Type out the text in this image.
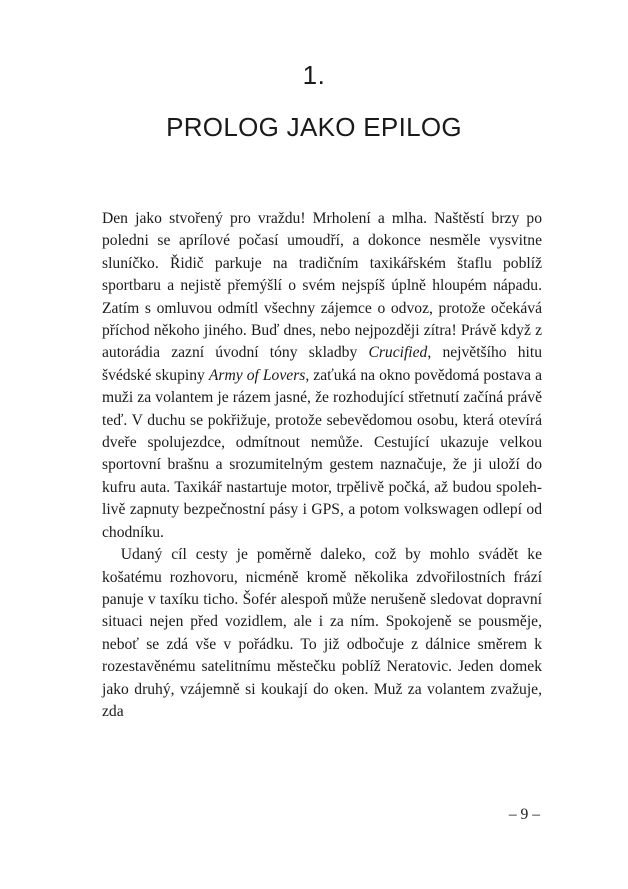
1.
PROLOG JAKO EPILOG

Den jako stvořený pro vraždu! Mrholení a mlha. Naštěstí brzy po poledni se aprílové počasí umoudří, a dokonce nesměle vysvitne sluníčko. Řidič parkuje na tradičním taxikářském štaflu poblíž sportbaru a nejistě přemýšlí o svém nejspíš úplně hloupém nápadu. Zatím s omluvou odmítl všechny zájemce o odvoz, protože očekává příchod někoho jiného. Buď dnes, nebo nejpozději zítra! Právě když z autorádia zazní úvodní tóny skladby Crucified, největšího hitu švédské skupiny Army of Lovers, zaťuká na okno povědomá postava a muži za volantem je rázem jasné, že rozhodující střetnutí začíná právě teď. V duchu se pokřižuje, protože sebevědomou osobu, která otevírá dveře spolujezdce, odmítnout nemůže. Cestující ukazuje velkou sportovní brašnu a srozumitelným gestem naznačuje, že ji uloží do kufru auta. Taxikář nastartuje motor, trpělivě počká, až budou spolehlivě zapnuty bezpečnostní pásy i GPS, a potom volkswagen odlepí od chodníku.

Udaný cíl cesty je poměrně daleko, což by mohlo svádět ke košatému rozhovoru, nicméně kromě několika zdvořilostních frází panuje v taxíku ticho. Šofér alespoň může nerušeně sledovat dopravní situaci nejen před vozidlem, ale i za ním. Spokojeně se pousměje, neboť se zdá vše v pořádku. To již odbočuje z dálnice směrem k rozestavěnému satelitnímu městečku poblíž Neratovic. Jeden domek jako druhý, vzájemně si koukají do oken. Muž za volantem zvažuje, zda

– 9 –
